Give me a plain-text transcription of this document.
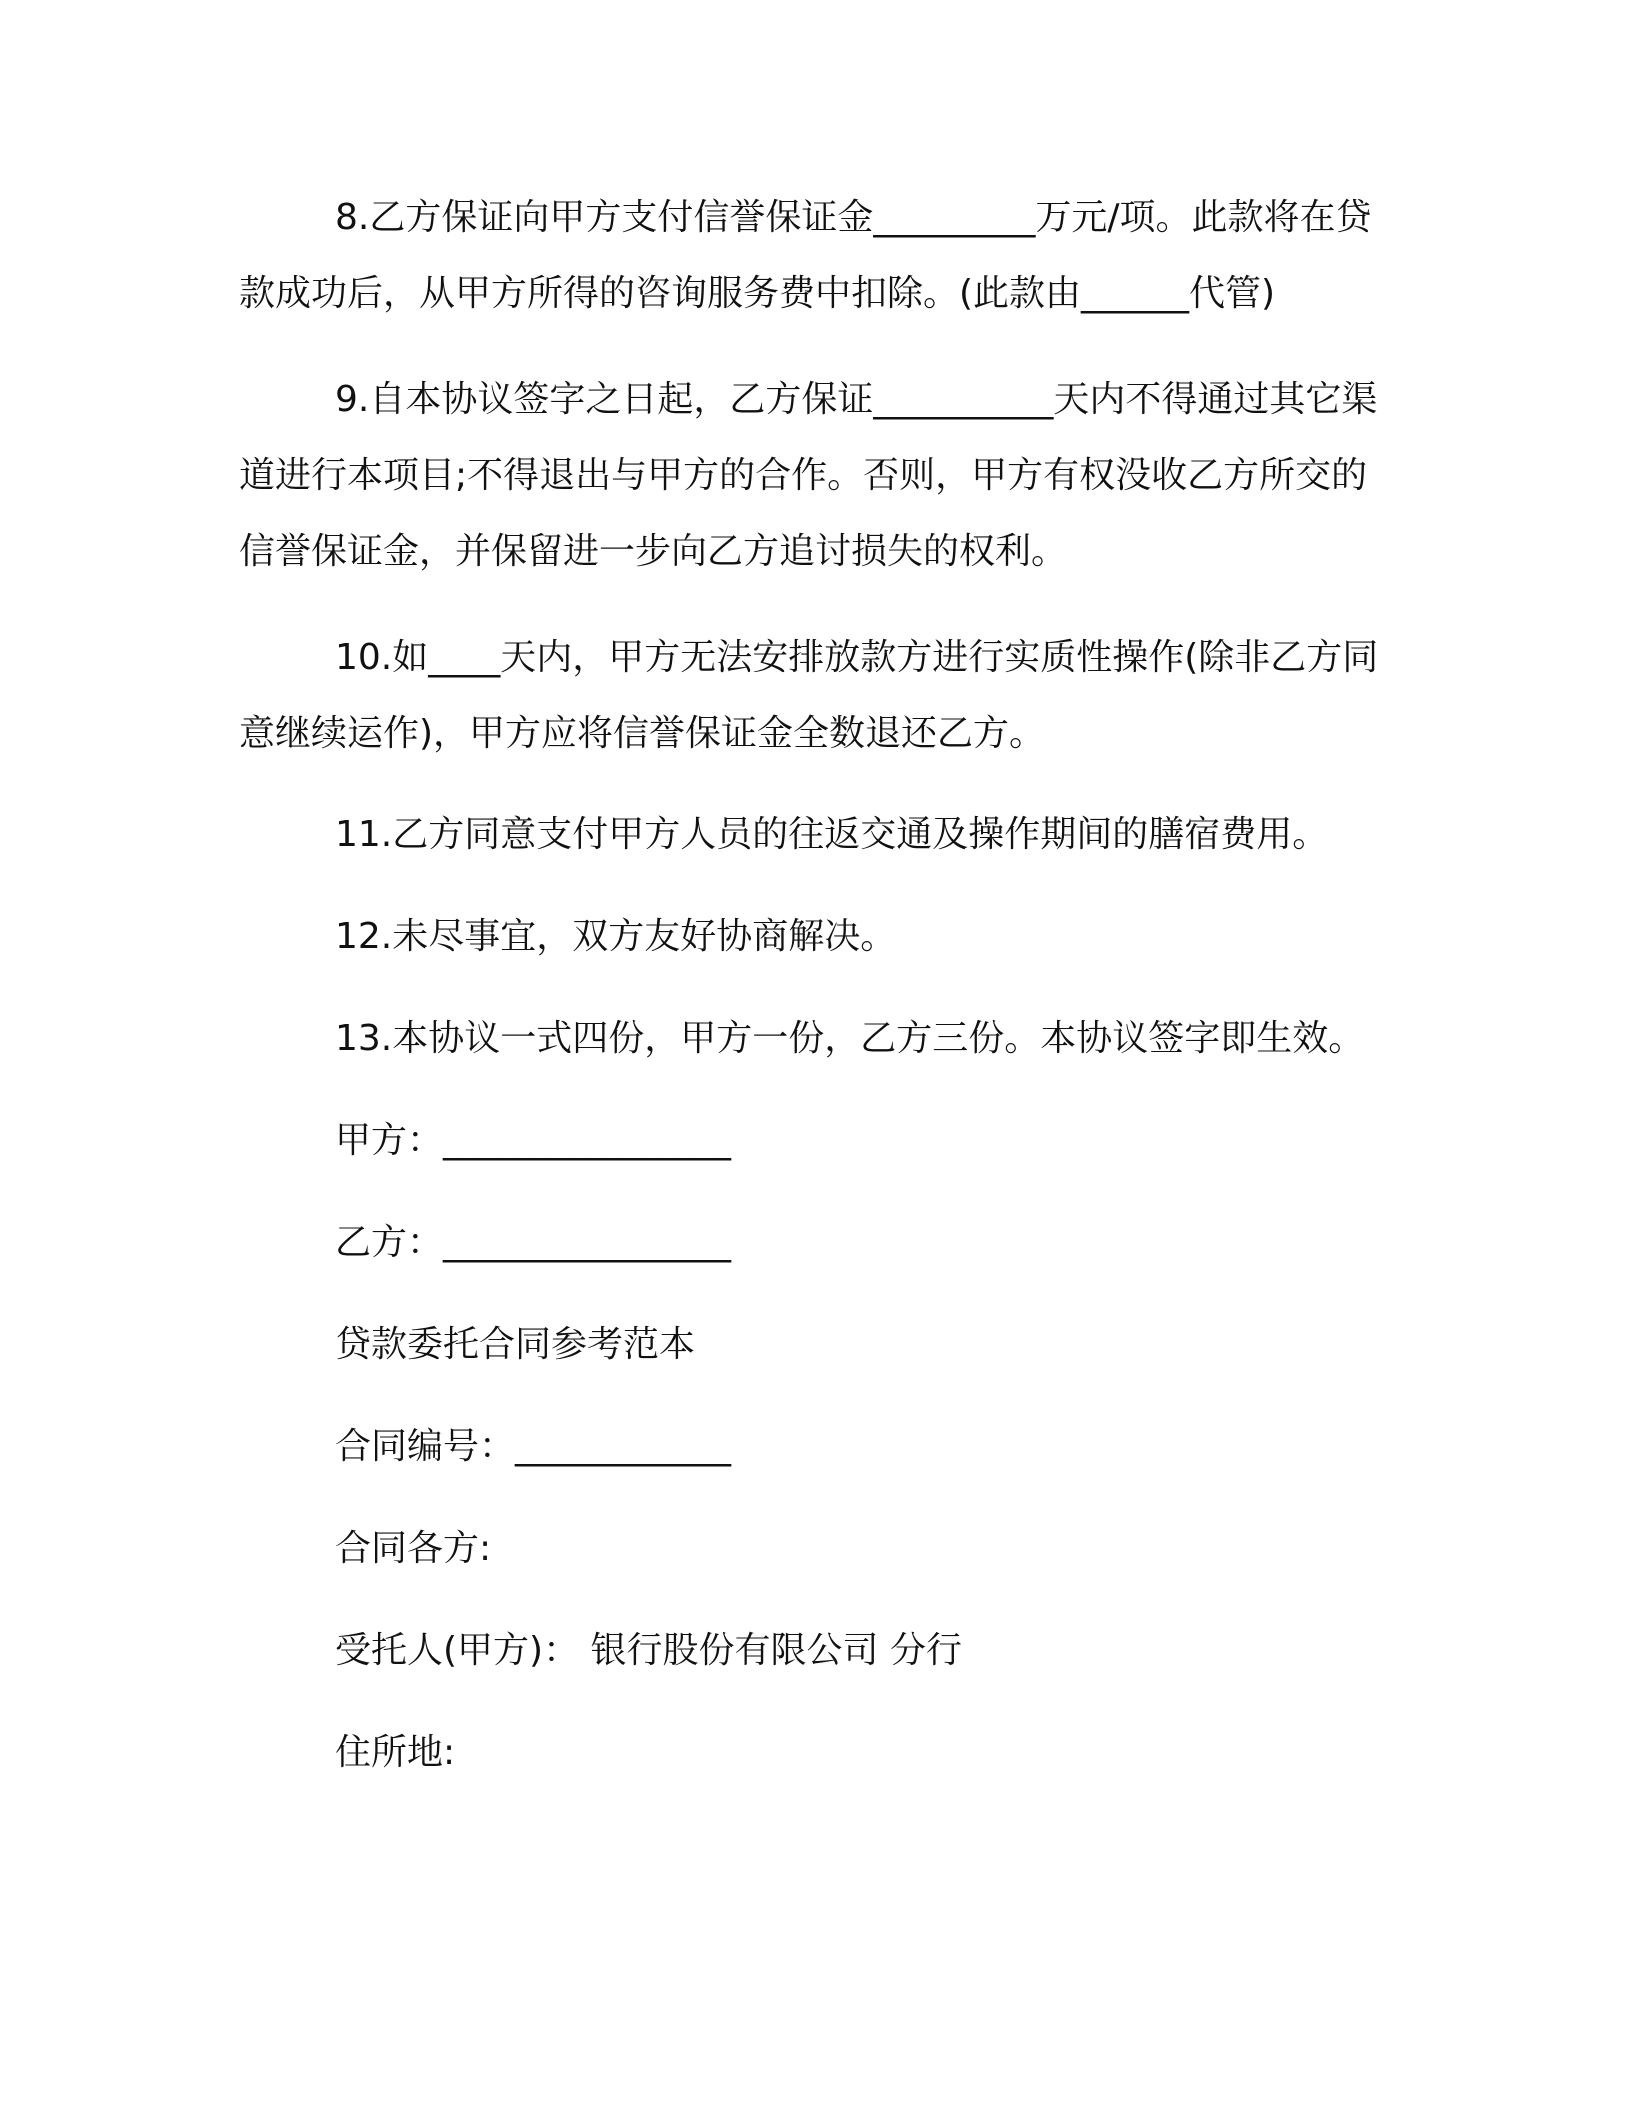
8.乙方保证向甲方支付信誉保证金_________万元/项。此款将在贷款成功后，从甲方所得的咨询服务费中扣除。(此款由______代管)

9.自本协议签字之日起，乙方保证__________天内不得通过其它渠道进行本项目;不得退出与甲方的合作。否则，甲方有权没收乙方所交的信誉保证金，并保留进一步向乙方追讨损失的权利。

10.如____天内，甲方无法安排放款方进行实质性操作(除非乙方同意继续运作)，甲方应将信誉保证金全数退还乙方。

11.乙方同意支付甲方人员的往返交通及操作期间的膳宿费用。

12.未尽事宜，双方友好协商解决。

13.本协议一式四份，甲方一份，乙方三份。本协议签字即生效。

甲方：________________

乙方：________________

贷款委托合同参考范本

合同编号：____________

合同各方:

受托人(甲方)： 银行股份有限公司 分行

住所地:
